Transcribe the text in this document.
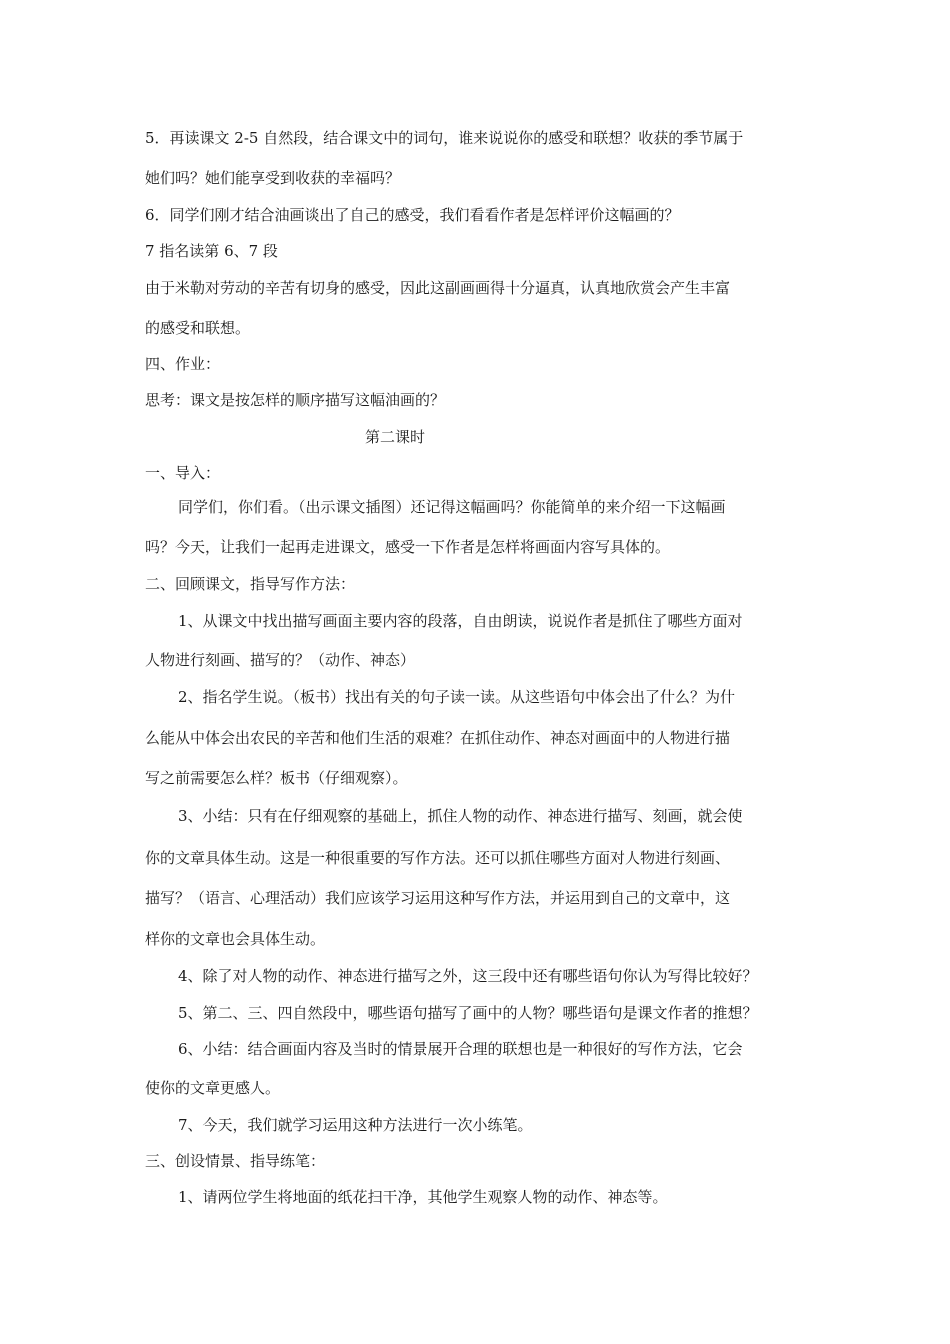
5．再读课文 2-5 自然段，结合课文中的词句，谁来说说你的感受和联想？收获的季节属于
她们吗？她们能享受到收获的幸福吗？
6．同学们刚才结合油画谈出了自己的感受，我们看看作者是怎样评价这幅画的？
7 指名读第 6、7 段
由于米勒对劳动的辛苦有切身的感受，因此这副画画得十分逼真，认真地欣赏会产生丰富
的感受和联想。
四、作业：
思考：课文是按怎样的顺序描写这幅油画的？
第二课时
一、导入：
同学们，你们看。（出示课文插图）还记得这幅画吗？你能简单的来介绍一下这幅画
吗？今天，让我们一起再走进课文，感受一下作者是怎样将画面内容写具体的。
二、回顾课文，指导写作方法：
1、从课文中找出描写画面主要内容的段落，自由朗读，说说作者是抓住了哪些方面对
人物进行刻画、描写的？（动作、神态）
2、指名学生说。（板书）找出有关的句子读一读。从这些语句中体会出了什么？为什
么能从中体会出农民的辛苦和他们生活的艰难？在抓住动作、神态对画面中的人物进行描
写之前需要怎么样？板书（仔细观察）。
3、小结：只有在仔细观察的基础上，抓住人物的动作、神态进行描写、刻画，就会使
你的文章具体生动。这是一种很重要的写作方法。还可以抓住哪些方面对人物进行刻画、
描写？（语言、心理活动）我们应该学习运用这种写作方法，并运用到自己的文章中，这
样你的文章也会具体生动。
4、除了对人物的动作、神态进行描写之外，这三段中还有哪些语句你认为写得比较好？
5、第二、三、四自然段中，哪些语句描写了画中的人物？哪些语句是课文作者的推想？
6、小结：结合画面内容及当时的情景展开合理的联想也是一种很好的写作方法，它会
使你的文章更感人。
7、今天，我们就学习运用这种方法进行一次小练笔。
三、创设情景、指导练笔：
1、请两位学生将地面的纸花扫干净，其他学生观察人物的动作、神态等。
